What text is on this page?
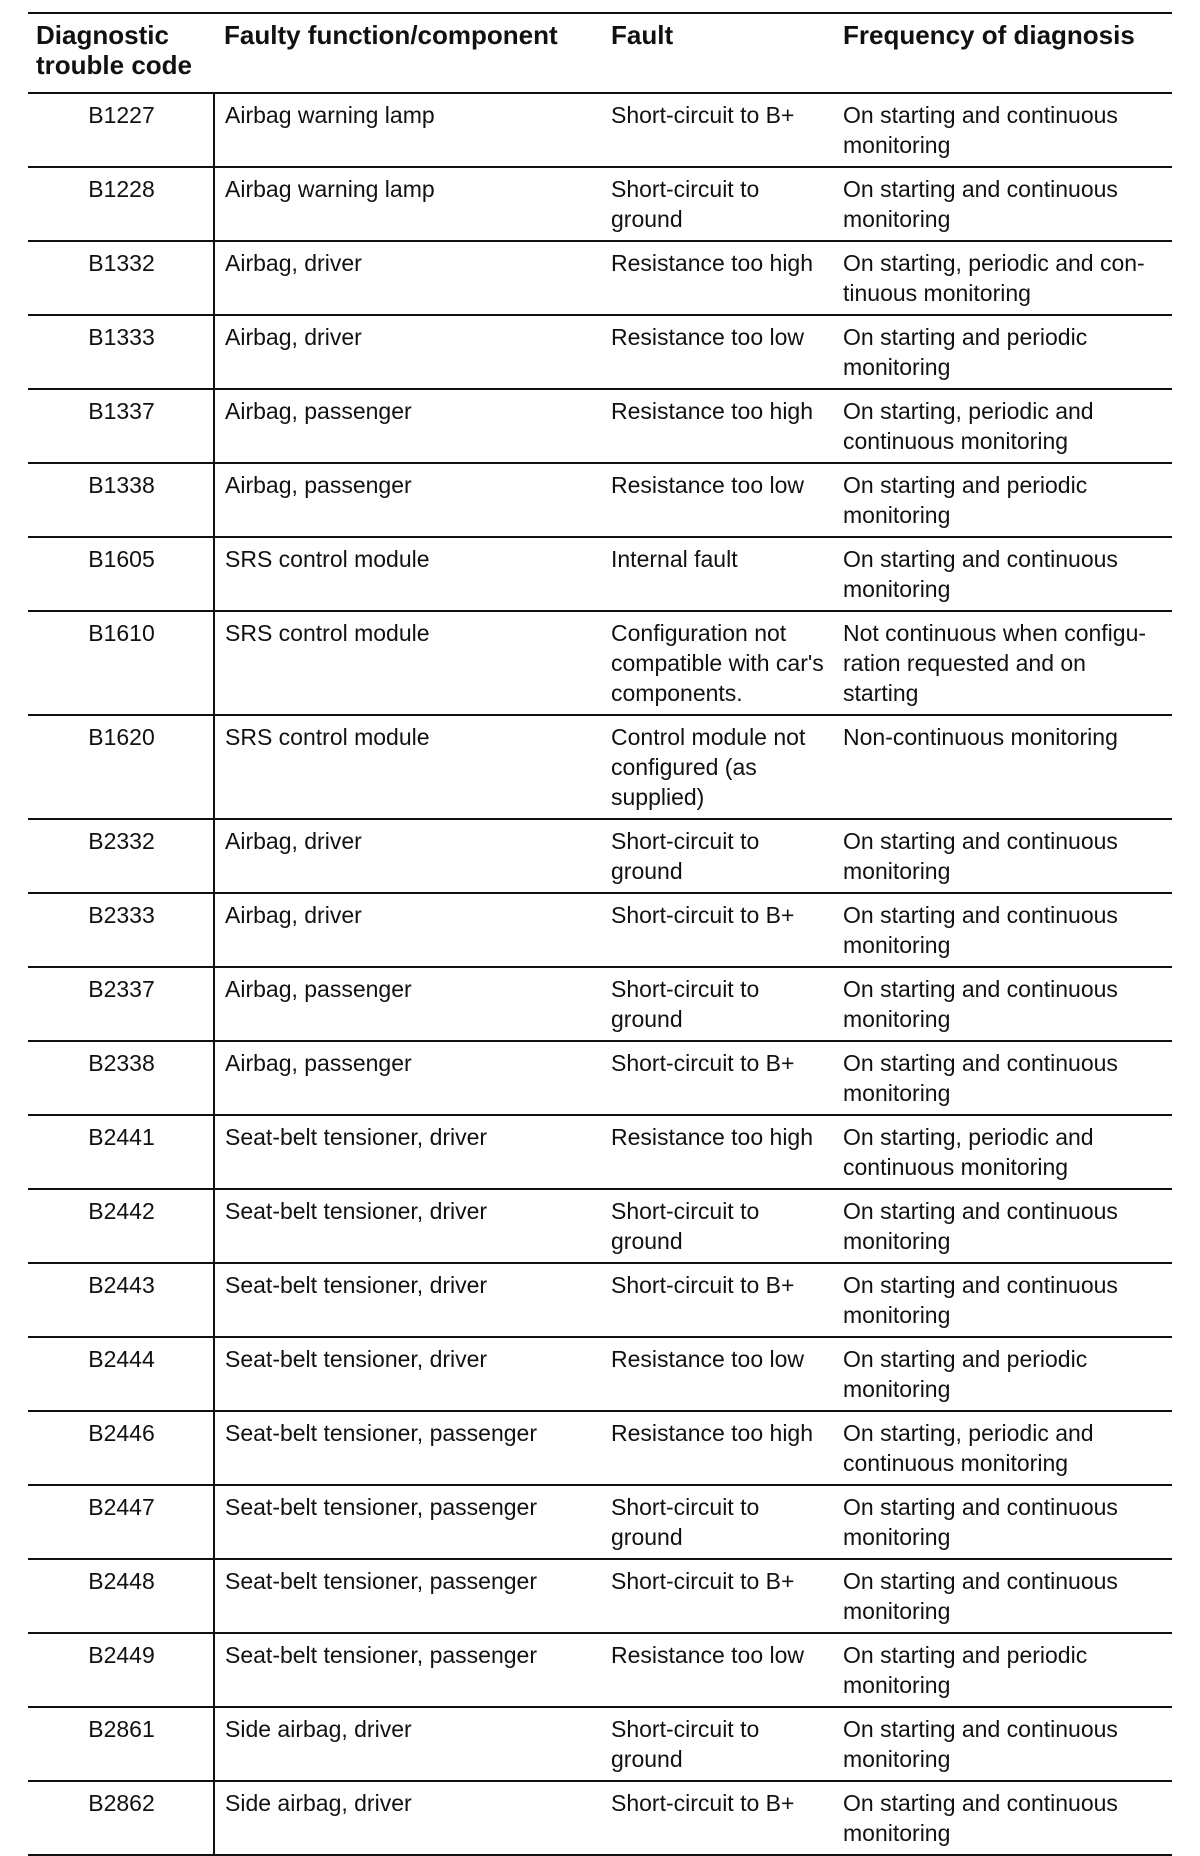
Diagnostic trouble code	Faulty function/component	Fault	Frequency of diagnosis
B1227	Airbag warning lamp	Short-circuit to B+	On starting and continuous monitoring
B1228	Airbag warning lamp	Short-circuit to ground	On starting and continuous monitoring
B1332	Airbag, driver	Resistance too high	On starting, periodic and con-tinuous monitoring
B1333	Airbag, driver	Resistance too low	On starting and periodic monitoring
B1337	Airbag, passenger	Resistance too high	On starting, periodic and continuous monitoring
B1338	Airbag, passenger	Resistance too low	On starting and periodic monitoring
B1605	SRS control module	Internal fault	On starting and continuous monitoring
B1610	SRS control module	Configuration not compatible with car's components.	Not continuous when configu-ration requested and on starting
B1620	SRS control module	Control module not configured (as supplied)	Non-continuous monitoring
B2332	Airbag, driver	Short-circuit to ground	On starting and continuous monitoring
B2333	Airbag, driver	Short-circuit to B+	On starting and continuous monitoring
B2337	Airbag, passenger	Short-circuit to ground	On starting and continuous monitoring
B2338	Airbag, passenger	Short-circuit to B+	On starting and continuous monitoring
B2441	Seat-belt tensioner, driver	Resistance too high	On starting, periodic and continuous monitoring
B2442	Seat-belt tensioner, driver	Short-circuit to ground	On starting and continuous monitoring
B2443	Seat-belt tensioner, driver	Short-circuit to B+	On starting and continuous monitoring
B2444	Seat-belt tensioner, driver	Resistance too low	On starting and periodic monitoring
B2446	Seat-belt tensioner, passenger	Resistance too high	On starting, periodic and continuous monitoring
B2447	Seat-belt tensioner, passenger	Short-circuit to ground	On starting and continuous monitoring
B2448	Seat-belt tensioner, passenger	Short-circuit to B+	On starting and continuous monitoring
B2449	Seat-belt tensioner, passenger	Resistance too low	On starting and periodic monitoring
B2861	Side airbag, driver	Short-circuit to ground	On starting and continuous monitoring
B2862	Side airbag, driver	Short-circuit to B+	On starting and continuous monitoring
